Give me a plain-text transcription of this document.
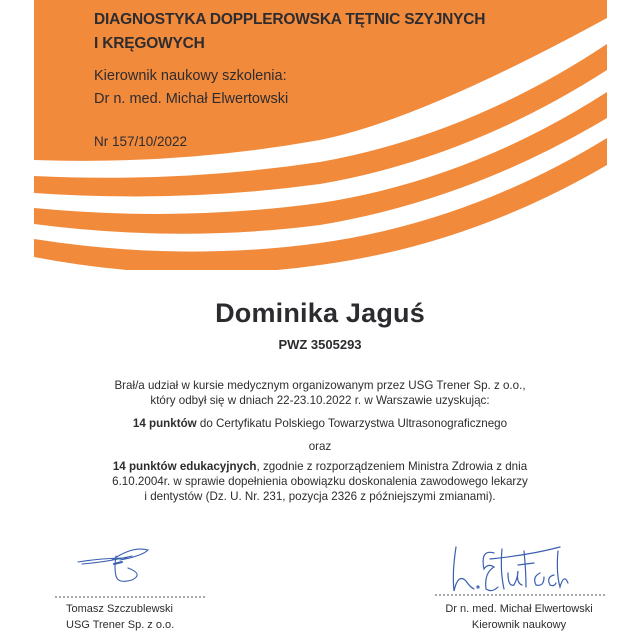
DIAGNOSTYKA DOPPLEROWSKA TĘTNIC SZYJNYCH
I KRĘGOWYCH
Kierownik naukowy szkolenia:
Dr n. med. Michał Elwertowski
Nr 157/10/2022
Dominika Jaguś
PWZ 3505293
Brał/a udział w kursie medycznym organizowanym przez USG Trener Sp. z o.o.,
który odbył się w dniach 22-23.10.2022 r. w Warszawie uzyskując:
14 punktów do Certyfikatu Polskiego Towarzystwa Ultrasonograficznego
oraz
14 punktów edukacyjnych, zgodnie z rozporządzeniem Ministra Zdrowia z dnia
6.10.2004r. w sprawie dopełnienia obowiązku doskonalenia zawodowego lekarzy
i dentystów (Dz. U. Nr. 231, pozycja 2326 z późniejszymi zmianami).
Tomasz Szczublewski
USG Trener Sp. z o.o.
Dr n. med. Michał Elwertowski
Kierownik naukowy
